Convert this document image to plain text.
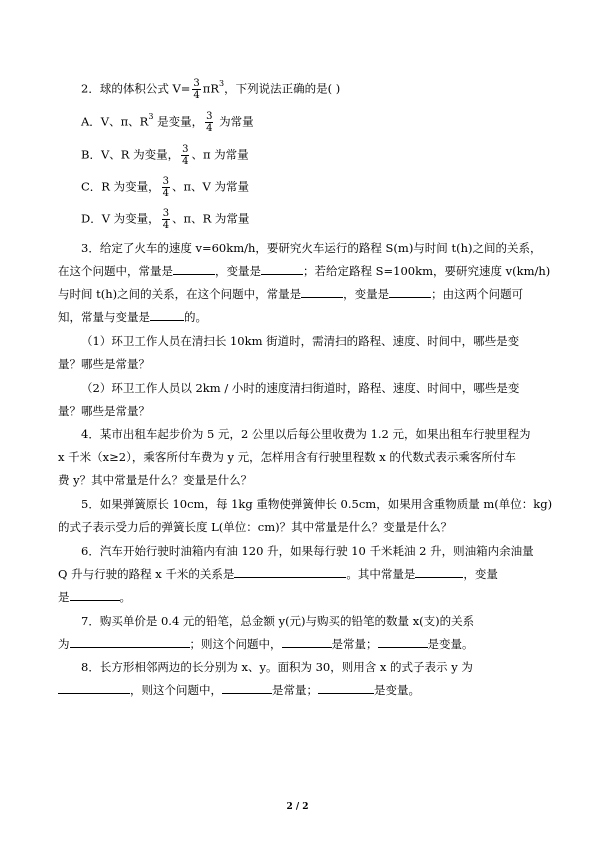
2．球的体积公式 $V= \frac{3}{4} \pi R^3$，下列说法正确的是( )
A．V、π、$R^3$ 是变量， $\frac{3}{4}$ 为常量
B．V、R 为变量， $\frac{3}{4}$ 、π 为常量
C．R 为变量， $\frac{3}{4}$ 、π、V 为常量
D．V 为变量， $\frac{3}{4}$ 、π、R 为常量
3．给定了火车的速度 v=60km/h，要研究火车运行的路程 S(m)与时间 t(h)之间的关系，
在这个问题中，常量是	，变量是	；若给定路程 S=100km，要研究速度 v(km/h)
与时间 t(h)之间的关系，在这个问题中，常量是	，变量是	；由这两个问题可
知，常量与变量是	的。
（1）环卫工作人员在清扫长 10km 街道时，需清扫的路程、速度、时间中，哪些是变
量？哪些是常量？
（2）环卫工作人员以 2km / 小时的速度清扫街道时，路程、速度、时间中，哪些是变
量？哪些是常量？
4．某市出租车起步价为 5 元，2 公里以后每公里收费为 1.2 元，如果出租车行驶里程为
x 千米（x≥2），乘客所付车费为 y 元，怎样用含有行驶里程数 x 的代数式表示乘客所付车
费 y？其中常量是什么？变量是什么？
5．如果弹簧原长 10cm，每 1kg 重物使弹簧伸长 0.5cm，如果用含重物质量 m(单位：kg)
的式子表示受力后的弹簧长度 L(单位：cm)？其中常量是什么？变量是什么？
6．汽车开始行驶时油箱内有油 120 升，如果每行驶 10 千米耗油 2 升，则油箱内余油量
Q 升与行驶的路程 x 千米的关系是	。其中常量是	，变量
是	。
7．购买单价是 0.4 元的铅笔，总金额 y(元)与购买的铅笔的数量 x(支)的关系
为	；则这个问题中，	是常量；	是变量。
8．长方形相邻两边的长分别为 x、y。面积为 30，则用含 x 的式子表示 y 为
，则这个问题中，	是常量；	是变量。
2 / 2
